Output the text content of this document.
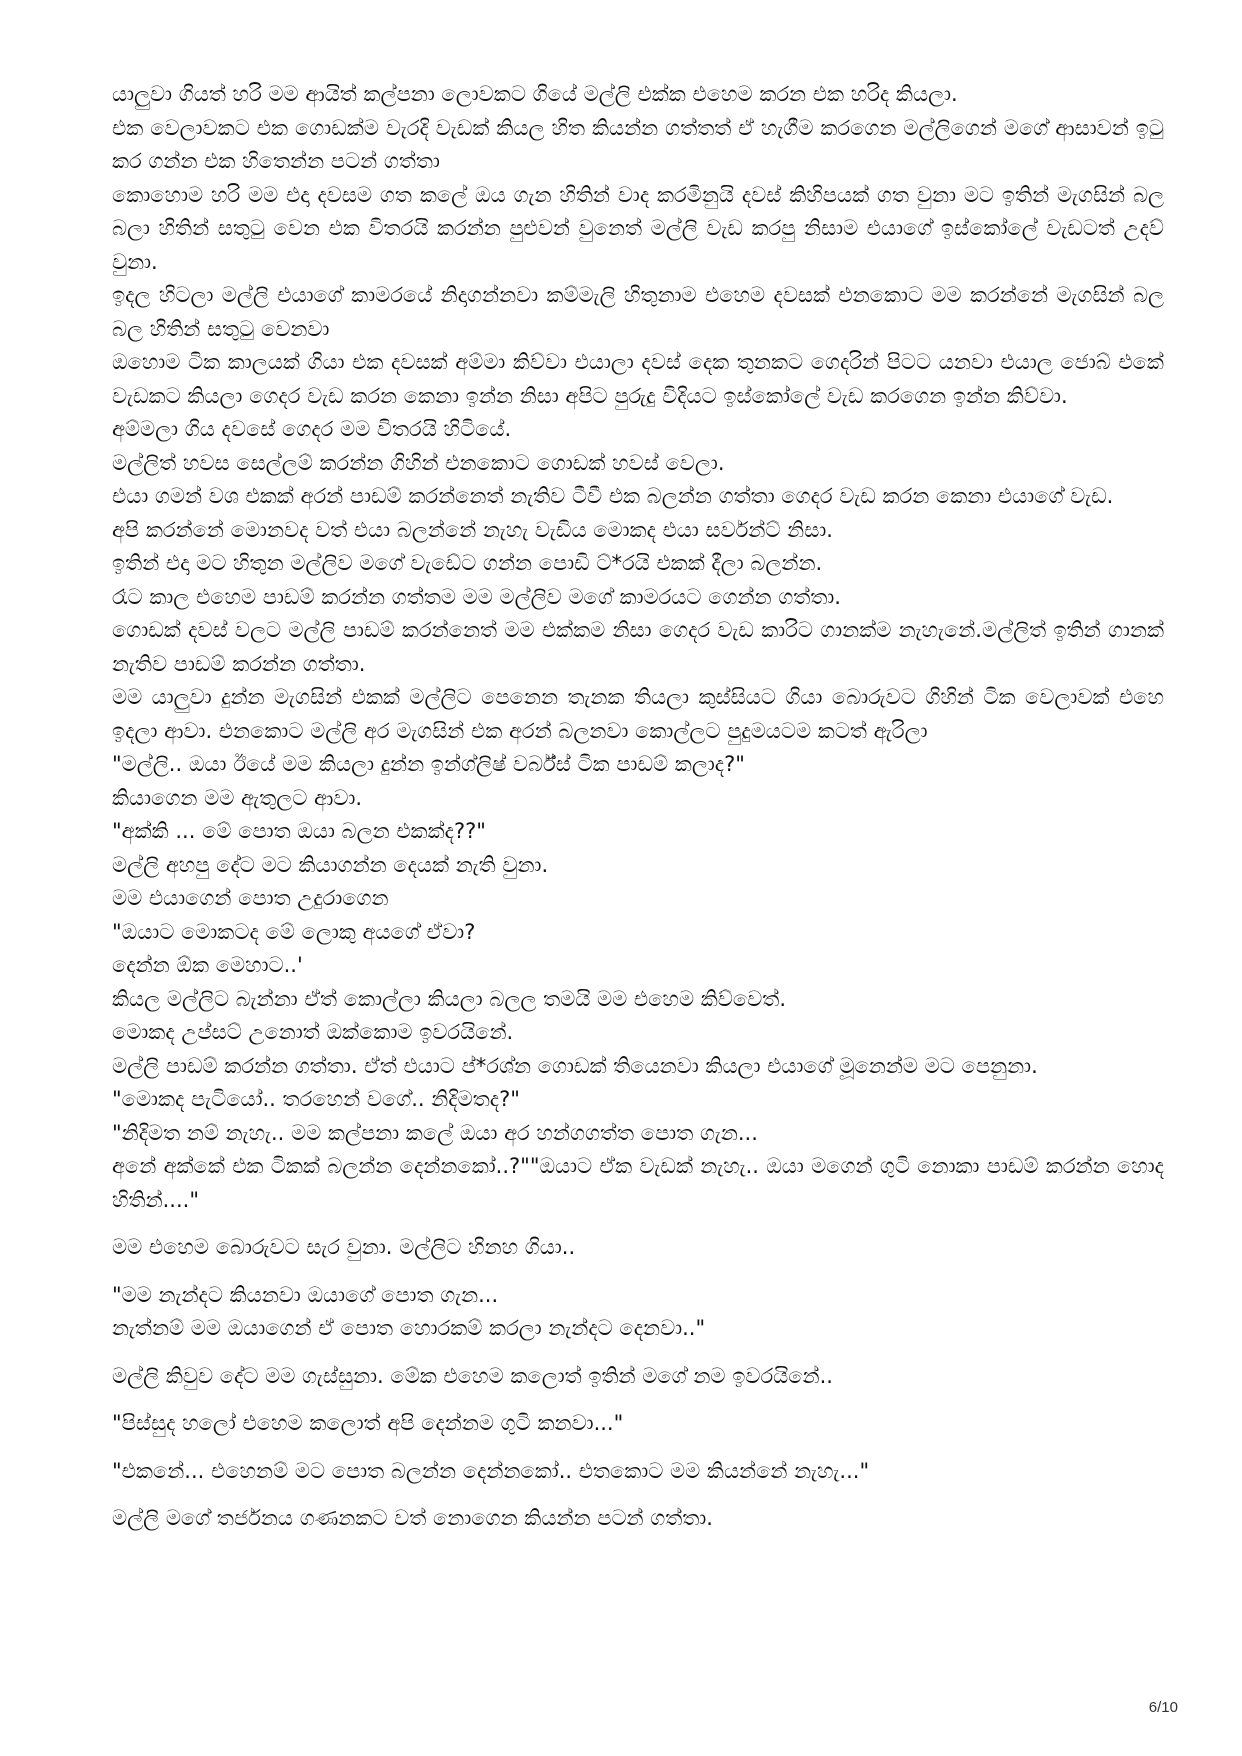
යාලුවා ගියත් හරි මම ආයිත් කල්පනා ලොවකට ගියේ මල්ලි එක්ක එහෙම කරන එක හරිද කියලා.

එක වෙලාවකට එක ගොඩක්ම වැරදි වැඩක් කියල හිත කියන්න ගත්තත් ඒ හැගීම කරගෙන මල්ලිගෙන් මගේ ආසාවන් ඉටු කර ගන්න එක හිතෙන්න පටන් ගත්තා

කොහොම හරි මම එදා දවසම ගත කලේ ඔය ගැන හිතින් වාද කරමිනුයි දවස් කිහිපයක් ගත වුනා මට ඉතින් මැගසින් බල බලා හිතින් සතුටු වෙන එක විතරයි කරන්න පුළුවන් වුනෙත් මල්ලි වැඩ කරපු නිසාම එයාගේ ඉස්කෝලේ වැඩටත් උදව් වුනා.

ඉදල හිටලා මල්ලි එයාගේ කාමරයේ නිදාගන්නවා කම්මැලි හිතුනාම එහෙම දවසක් එනකොට මම කරන්නේ මැගසින් බල බල හිතින් සතුටු වෙනවා

ඔහොම ටික කාලයක් ගියා එක දවසක් අම්මා කිව්වා එයාලා දවස් දෙක තුනකට ගෙදරින් පිටට යනවා එයාල ජොබ් එකේ වැඩකට කියලා ගෙදර වැඩ කරන කෙනා ඉන්න නිසා අපිට පුරුදු විදියට ඉස්කෝලේ වැඩ කරගෙන ඉන්න කිව්වා.

අම්මලා ගිය දවසේ ගෙදර මම විතරයි හිටියේ.

මල්ලිත් හවස සෙල්ලම් කරන්න ගිහින් එනකොට ගොඩක් හවස් වෙලා.

එයා ගමන් වශ එකක් අරන් පාඩම් කරන්නෙත් නැතිව ටීවී එක බලන්න ගත්තා ගෙදර වැඩ කරන කෙනා එයාගේ වැඩ.

අපි කරන්නේ මොනවද වත් එයා බලන්නේ නැහැ වැඩිය මොකද එයා සර්වන්ට් නිසා.

ඉතින් එදා මට හිතුන මල්ලිව මගේ වැඩේට ගන්න පොඩි ට්*රයි එකක් දීලා බලන්න.

රෑට කාල එහෙම පාඩම් කරන්න ගත්තම මම මල්ලිව මගේ කාමරයට ගෙන්න ගත්තා.

ගොඩක් දවස් වලට මල්ලි පාඩම් කරන්නෙත් මම එක්කම නිසා ගෙදර වැඩ කාරිට ගානක්ම නැහැනේ.මල්ලිත් ඉතින් ගානක් නැතිව පාඩම් කරන්න ගත්තා.

මම යාලුවා දුන්න මැගසින් එකක් මල්ලිට පෙනෙන තැනක තියලා කුස්සියට ගියා බොරුවට ගිහින් ටික වෙලාවක් එහෙ ඉදලා ආවා. එනකොට මල්ලි අර මැගසින් එක අරන් බලනවා කොල්ලට පුදුමයටම කටත් ඇරිලා

"මල්ලි.. ඔයා ඊයේ මම කියලා දුන්න ඉන්ග්ලිෂ් වර්බ්ස් ටික පාඩම් කලාද?"

කියාගෙන මම ඇතුලට ආවා.

"අක්කි ... මේ පොත ඔයා බලන එකක්ද??"

මල්ලි අහපු දේට මට කියාගන්න දෙයක් නැති වුනා.

මම එයාගෙන් පොත උදුරාගෙන

"ඔයාට මොකටද මේ ලොකු අයගේ ඒවා?

දෙන්න ඕක මෙහාට..'

කියල මල්ලිට බැන්නා ඒත් කොල්ලා කියලා බලල තමයි මම එහෙම කිව්වෙත්.

මොකද උප්සට් උනොත් ඔක්කොම ඉවරයිනේ.

මල්ලි පාඩම් කරන්න ගත්තා. ඒත් එයාට ප්*රශ්න ගොඩක් තියෙනවා කියලා එයාගේ මූනෙන්ම මට පෙනුනා.

"මොකද පැටියෝ.. තරහෙන් වගේ.. නිදිමතද?"

"නිදිමත නම් නැහැ.. මම කල්පනා කලේ ඔයා අර හන්ගගත්ත පොත ගැන...

අනේ අක්කේ එක ටිකක් බලන්න දෙන්නකෝ..?""ඔයාට ඒක වැඩක් නැහැ.. ඔයා මගෙන් ගුටි නොකා පාඩම් කරන්න හොද හිතින්...."

මම එහෙම බොරුවට සැර වුනා. මල්ලිට හිනහ ගියා..

"මම නැන්දට කියනවා ඔයාගේ පොත ගැන...

නැත්නම් මම ඔයාගෙන් ඒ පොත හොරකම් කරලා නැන්දට දෙනවා.."

මල්ලි කිවුව දේට මම ගැස්සුනා. මේක එහෙම කලොත් ඉතින් මගේ නම ඉවරයිනේ..

"පිස්සුද හලෝ එහෙම කලොත් අපි දෙන්නම ගුටි කනවා..."

"එකනේ... එහෙනම් මට පොත බලන්න දෙන්නකෝ.. එතකොට මම කියන්නේ නැහැ..."

මල්ලි මගේ තර්ජනය ගණනකට වත් නොගෙන කියන්න පටන් ගත්තා.

6/10
